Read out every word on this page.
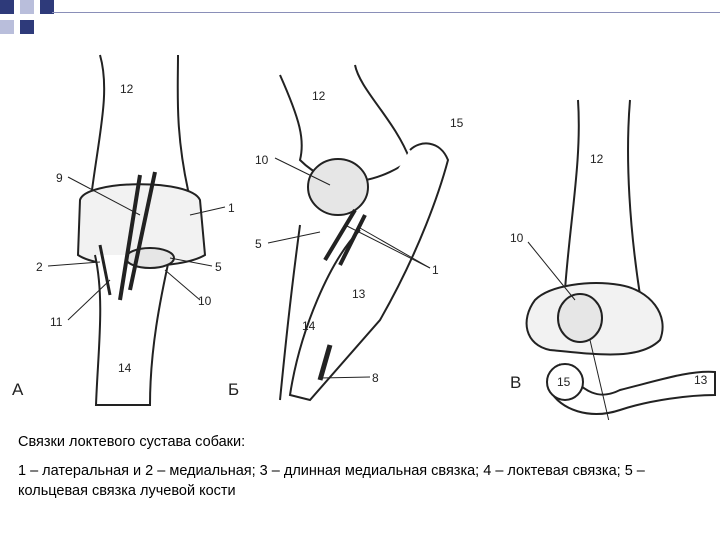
12
9
1
2	5
11
10
14
А
12
15
10
5
1
13
14
8
Б
12
10
15	13
В

Связки локтевого сустава собаки:

1 – латеральная и 2 – медиальная; 3 – длинная медиальная связка; 4 – локтевая связка; 5 – кольцевая связка лучевой кости
